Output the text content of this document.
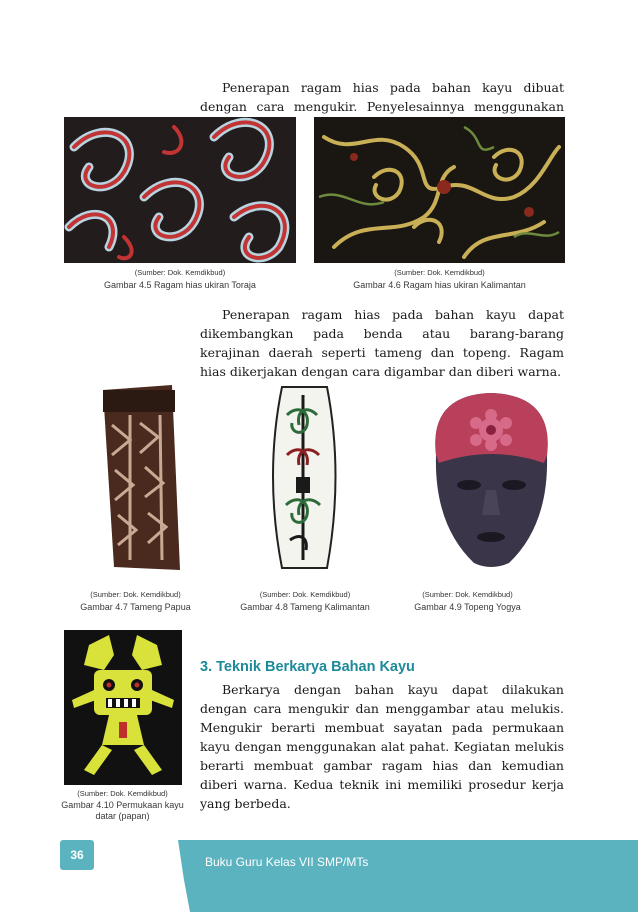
Penerapan ragam hias pada bahan kayu dibuat dengan cara mengukir. Penyelesainnya menggunakan

(Sumber: Dok. Kemdikbud)
Gambar 4.5 Ragam hias ukiran Toraja
(Sumber: Dok. Kemdikbud)
Gambar 4.6 Ragam hias ukiran Kalimantan

Penerapan ragam hias pada bahan kayu dapat dikembangkan pada benda atau barang-barang kerajinan daerah seperti tameng dan topeng. Ragam hias dikerjakan dengan cara digambar dan diberi warna.

(Sumber: Dok. Kemdikbud)
Gambar 4.7 Tameng Papua
(Sumber: Dok. Kemdikbud)
Gambar 4.8 Tameng Kalimantan
(Sumber: Dok. Kemdikbud)
Gambar 4.9 Topeng Yogya
(Sumber: Dok. Kemdikbud)
Gambar 4.10 Permukaan kayu datar (papan)
3. Teknik Berkarya Bahan Kayu

Berkarya dengan bahan kayu dapat dilakukan dengan cara mengukir dan menggambar atau melukis. Mengukir berarti membuat sayatan pada permukaan kayu dengan menggunakan alat pahat. Kegiatan melukis berarti membuat gambar ragam hias dan kemudian diberi warna. Kedua teknik ini memiliki prosedur kerja yang berbeda.

36	Buku Guru Kelas VII SMP/MTs
